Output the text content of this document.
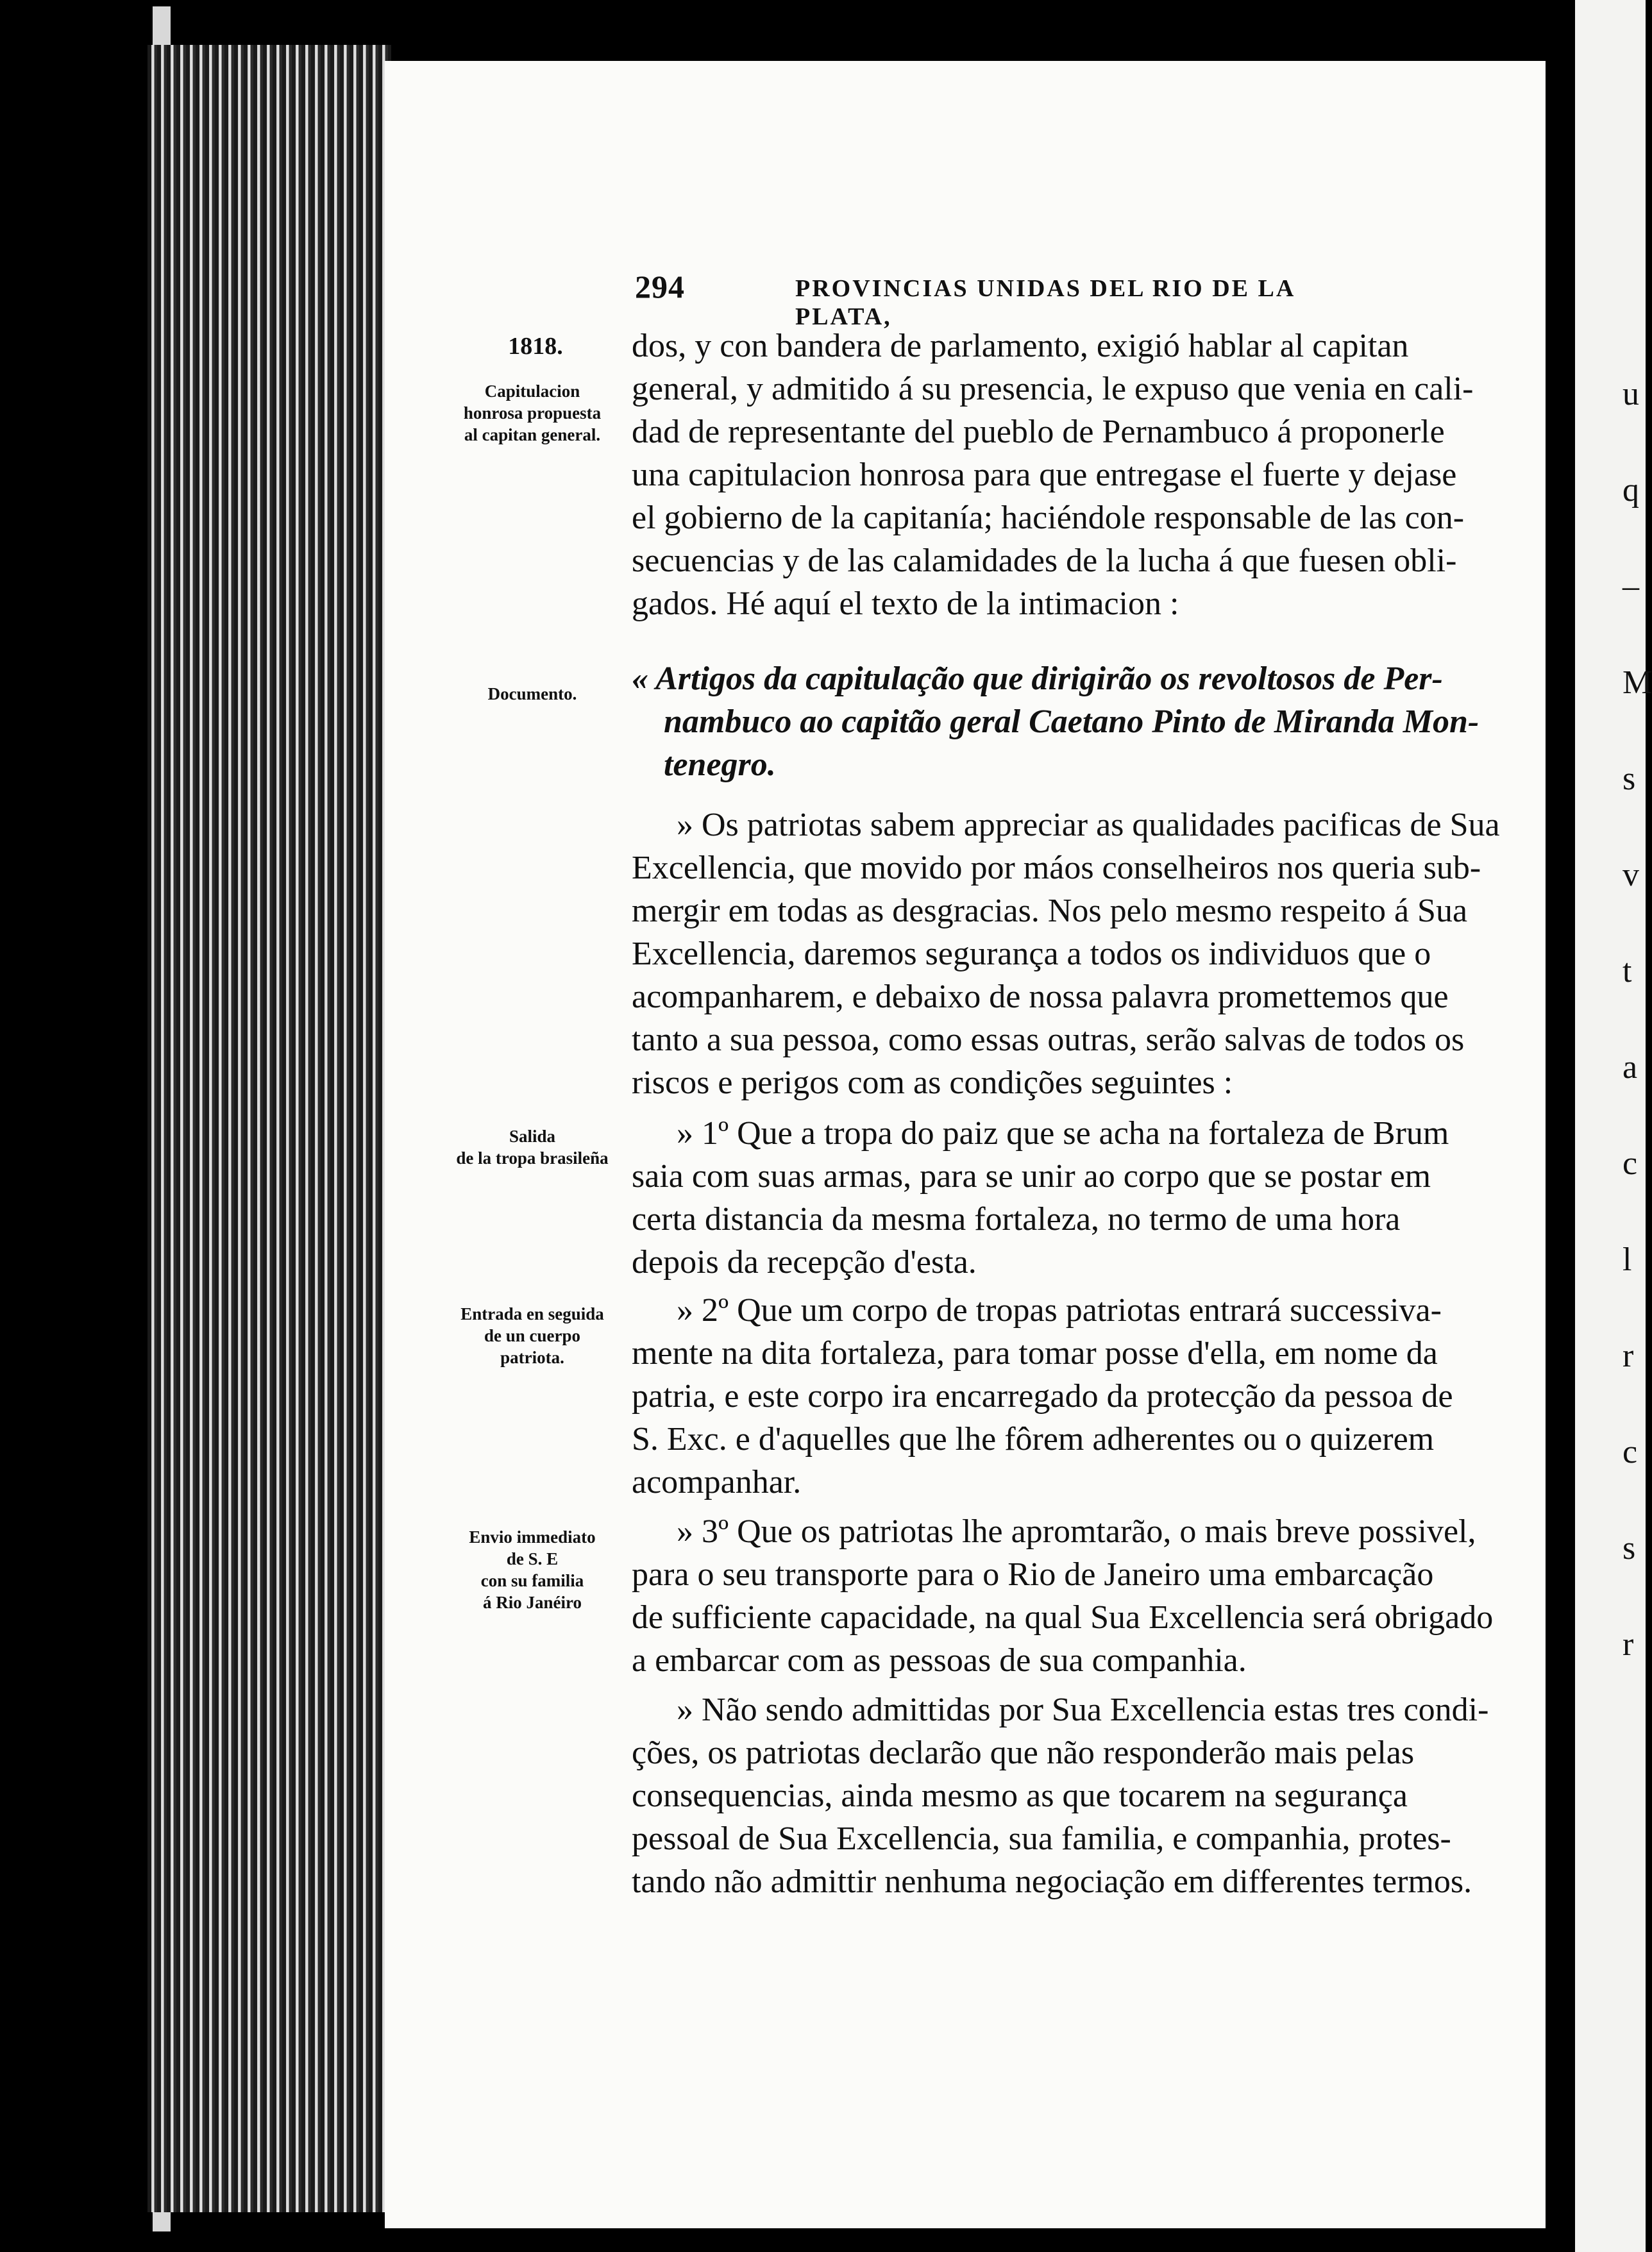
u
q
–
M
s
v
t
a
c
l
r
c
s
r
294	PROVINCIAS UNIDAS DEL RIO DE LA PLATA,
1818.
Capitulacion
honrosa propuesta
al capitan general.
Documento.
Salida
de la tropa brasileña
Entrada en seguida
de un cuerpo
patriota.
Envio immediato
de S. E
con su familia
á Rio Janéiro
dos, y con bandera de parlamento, exigió hablar al capitan
general, y admitido á su presencia, le expuso que venia en cali-
dad de representante del pueblo de Pernambuco á proponerle
una capitulacion honrosa para que entregase el fuerte y dejase
el gobierno de la capitanía; haciéndole responsable de las con-
secuencias y de las calamidades de la lucha á que fuesen obli-
gados. Hé aquí el texto de la intimacion :
« Artigos da capitulação que dirigirão os revoltosos de Per-
nambuco ao capitão geral Caetano Pinto de Miranda Mon-
tenegro.
» Os patriotas sabem appreciar as qualidades pacificas de Sua
Excellencia, que movido por máos conselheiros nos queria sub-
mergir em todas as desgracias. Nos pelo mesmo respeito á Sua
Excellencia, daremos segurança a todos os individuos que o
acompanharem, e debaixo de nossa palavra promettemos que
tanto a sua pessoa, como essas outras, serão salvas de todos os
riscos e perigos com as condições seguintes :
» 1º Que a tropa do paiz que se acha na fortaleza de Brum
saia com suas armas, para se unir ao corpo que se postar em
certa distancia da mesma fortaleza, no termo de uma hora
depois da recepção d'esta.
» 2º Que um corpo de tropas patriotas entrará successiva-
mente na dita fortaleza, para tomar posse d'ella, em nome da
patria, e este corpo ira encarregado da protecção da pessoa de
S. Exc. e d'aquelles que lhe fôrem adherentes ou o quizerem
acompanhar.
» 3º Que os patriotas lhe apromtarão, o mais breve possivel,
para o seu transporte para o Rio de Janeiro uma embarcação
de sufficiente capacidade, na qual Sua Excellencia será obrigado
a embarcar com as pessoas de sua companhia.
» Não sendo admittidas por Sua Excellencia estas tres condi-
ções, os patriotas declarão que não responderão mais pelas
consequencias, ainda mesmo as que tocarem na segurança
pessoal de Sua Excellencia, sua familia, e companhia, protes-
tando não admittir nenhuma negociação em differentes termos.
